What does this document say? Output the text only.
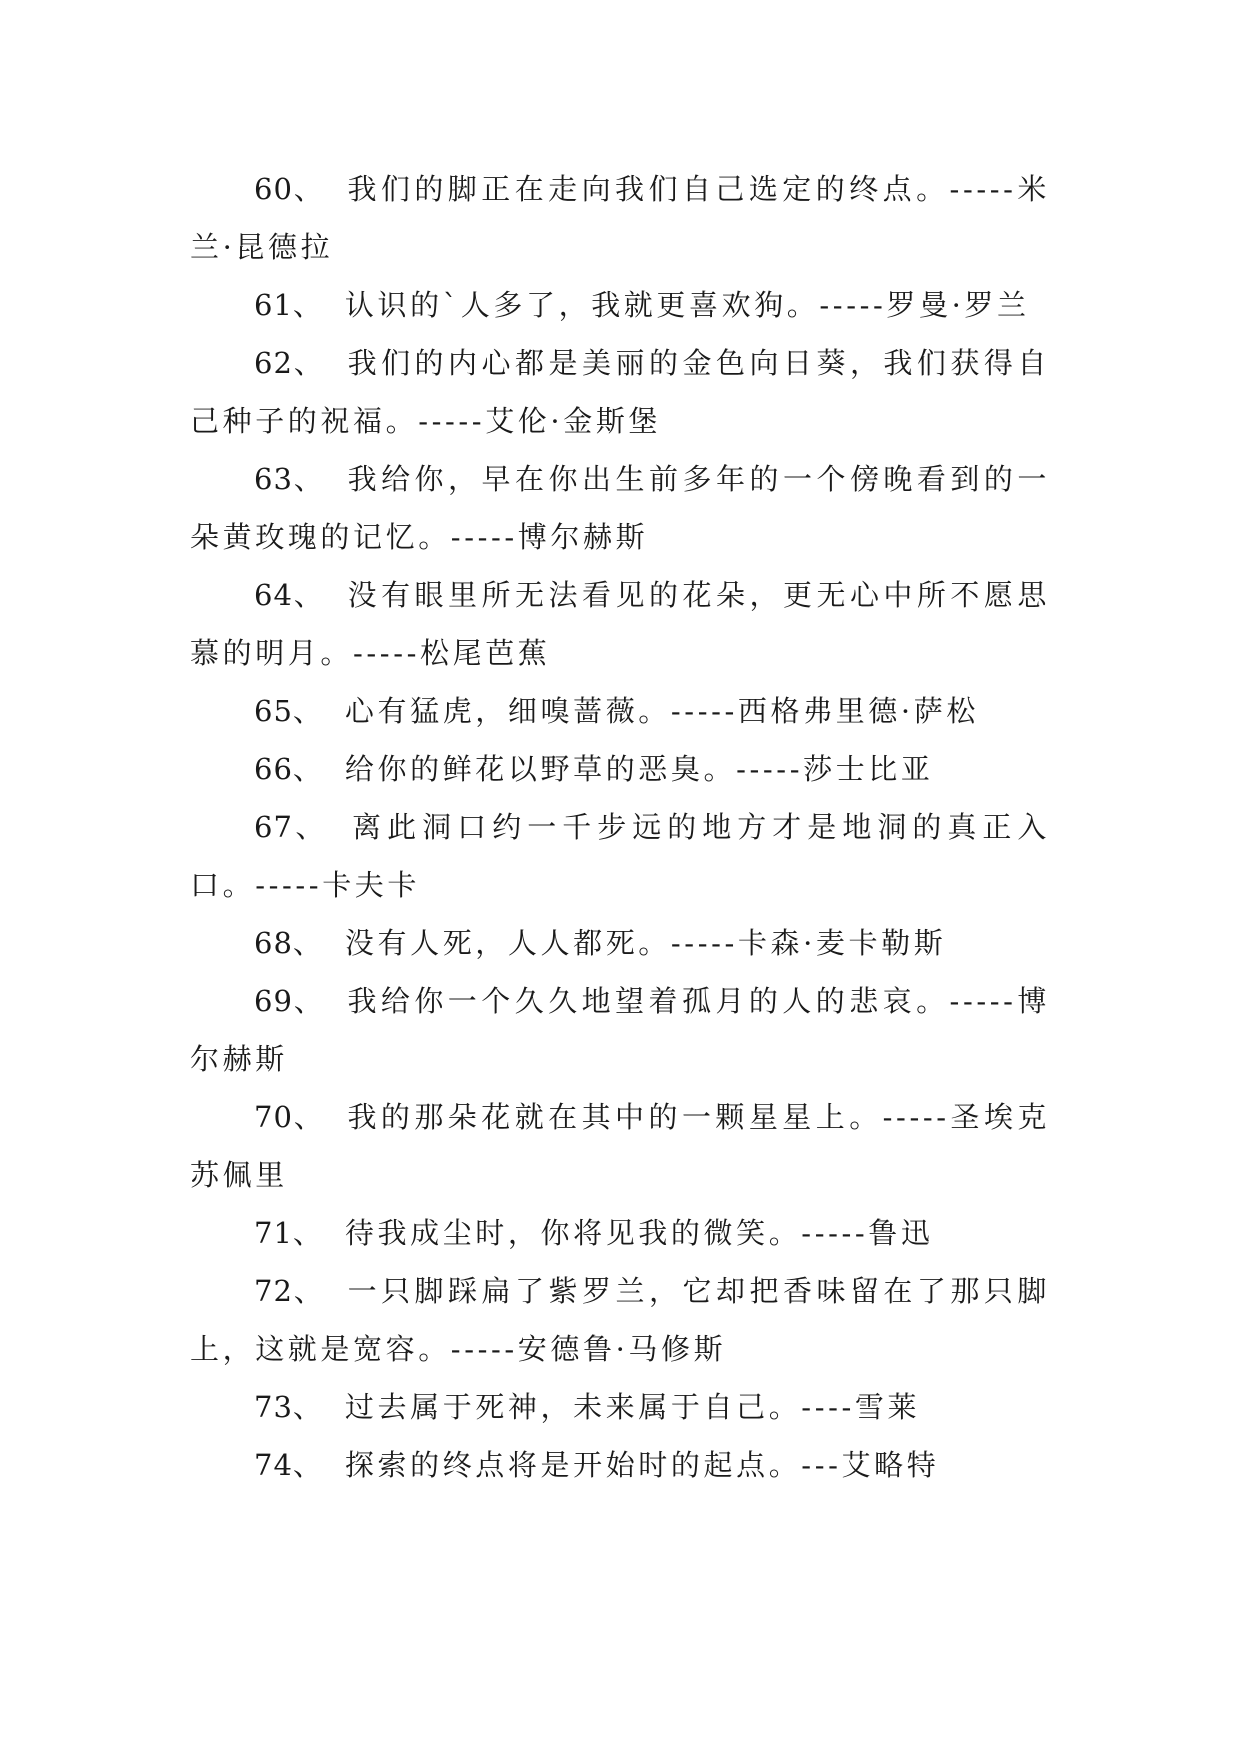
60、 我们的脚正在走向我们自己选定的终点。-----米兰·昆德拉

61、 认识的`人多了，我就更喜欢狗。-----罗曼·罗兰

62、 我们的内心都是美丽的金色向日葵，我们获得自己种子的祝福。-----艾伦·金斯堡

63、 我给你，早在你出生前多年的一个傍晚看到的一朵黄玫瑰的记忆。-----博尔赫斯

64、 没有眼里所无法看见的花朵，更无心中所不愿思慕的明月。-----松尾芭蕉

65、 心有猛虎，细嗅蔷薇。-----西格弗里德·萨松

66、 给你的鲜花以野草的恶臭。-----莎士比亚

67、 离此洞口约一千步远的地方才是地洞的真正入口。-----卡夫卡

68、 没有人死，人人都死。-----卡森·麦卡勒斯

69、 我给你一个久久地望着孤月的人的悲哀。-----博尔赫斯

70、 我的那朵花就在其中的一颗星星上。-----圣埃克苏佩里

71、 待我成尘时，你将见我的微笑。-----鲁迅

72、 一只脚踩扁了紫罗兰，它却把香味留在了那只脚上，这就是宽容。-----安德鲁·马修斯

73、 过去属于死神，未来属于自己。----雪莱

74、 探索的终点将是开始时的起点。---艾略特
